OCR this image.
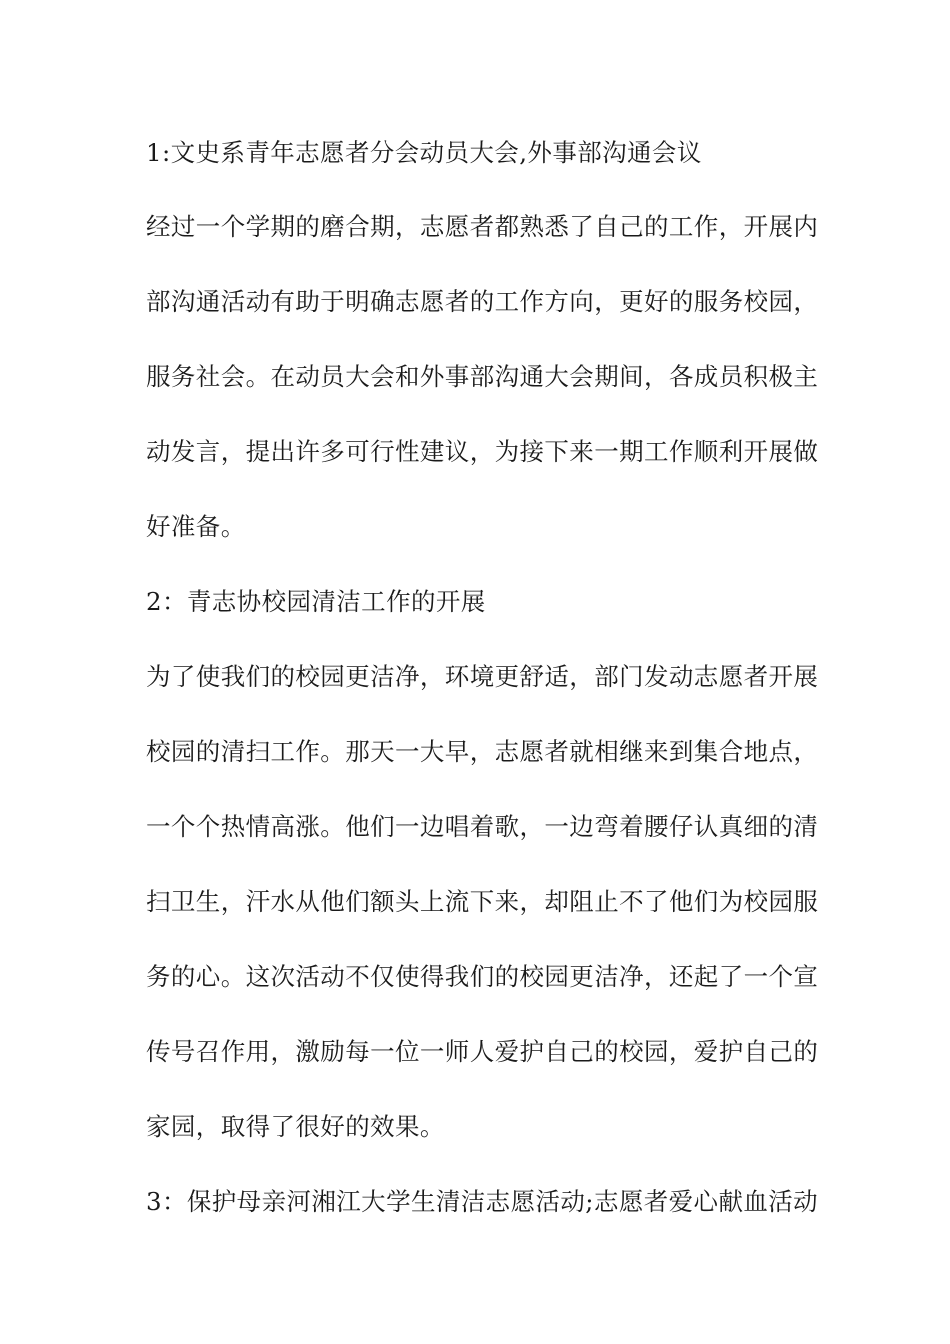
1:文史系青年志愿者分会动员大会,外事部沟通会议
经过一个学期的磨合期，志愿者都熟悉了自己的工作，开展内
部沟通活动有助于明确志愿者的工作方向，更好的服务校园，
服务社会。在动员大会和外事部沟通大会期间，各成员积极主
动发言，提出许多可行性建议，为接下来一期工作顺利开展做
好准备。
2：青志协校园清洁工作的开展
为了使我们的校园更洁净，环境更舒适，部门发动志愿者开展
校园的清扫工作。那天一大早，志愿者就相继来到集合地点，
一个个热情高涨。他们一边唱着歌，一边弯着腰仔认真细的清
扫卫生，汗水从他们额头上流下来，却阻止不了他们为校园服
务的心。这次活动不仅使得我们的校园更洁净，还起了一个宣
传号召作用，激励每一位一师人爱护自己的校园，爱护自己的
家园，取得了很好的效果。
3：保护母亲河湘江大学生清洁志愿活动;志愿者爱心献血活动
